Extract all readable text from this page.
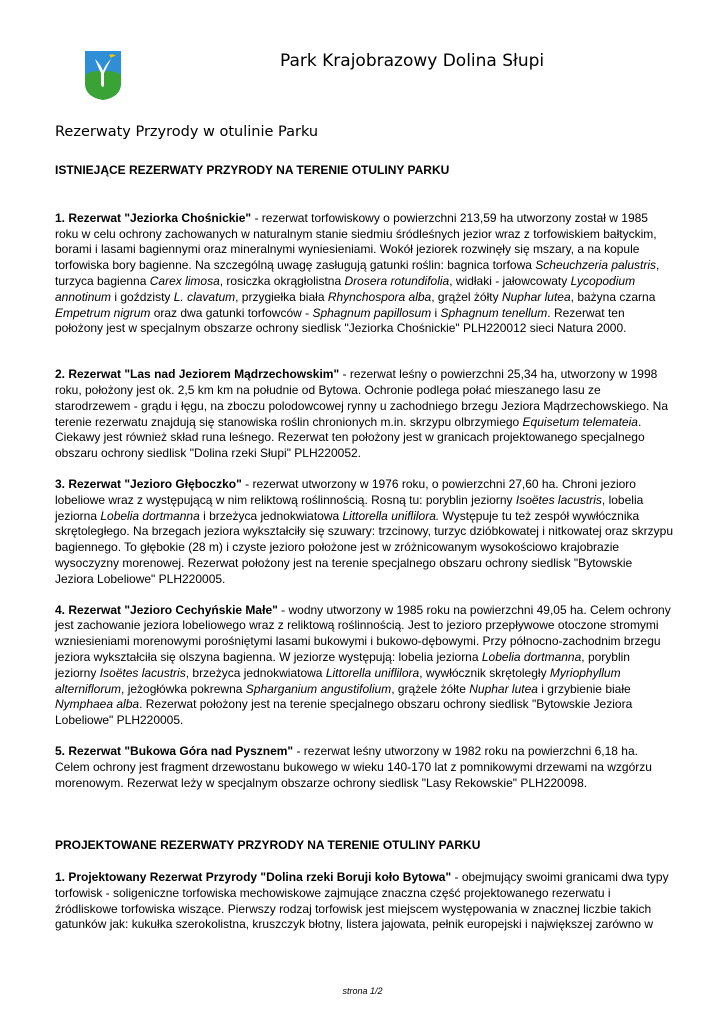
Park Krajobrazowy Dolina Słupi
Rezerwaty Przyrody w otulinie Parku

ISTNIEJĄCE REZERWATY PRZYRODY NA TERENIE OTULINY PARKU

1. Rezerwat "Jeziorka Chośnickie" - rezerwat torfowiskowy o powierzchni 213,59 ha utworzony został w 1985 roku w celu ochrony zachowanych w naturalnym stanie siedmiu śródleśnych jezior wraz z torfowiskiem bałtyckim, borami i lasami bagiennymi oraz mineralnymi wyniesieniami. Wokół jeziorek rozwinęły się mszary, a na kopule torfowiska bory bagienne. Na szczególną uwagę zasługują gatunki roślin: bagnica torfowa Scheuchzeria palustris, turzyca bagienna Carex limosa, rosiczka okrągłolistna Drosera rotundifolia, widłaki - jałowcowaty Lycopodium annotinum i goździsty L. clavatum, przygiełka biała Rhynchospora alba, grążel żółty Nuphar lutea, bażyna czarna Empetrum nigrum oraz dwa gatunki torfowców - Sphagnum papillosum i Sphagnum tenellum. Rezerwat ten położony jest w specjalnym obszarze ochrony siedlisk "Jeziorka Chośnickie" PLH220012 sieci Natura 2000.

2. Rezerwat "Las nad Jeziorem Mądrzechowskim" - rezerwat leśny o powierzchni 25,34 ha, utworzony w 1998 roku, położony jest ok. 2,5 km km na południe od Bytowa. Ochronie podlega połać mieszanego lasu ze starodrzewem - grądu i łęgu, na zboczu polodowcowej rynny u zachodniego brzegu Jeziora Mądrzechowskiego. Na terenie rezerwatu znajdują się stanowiska roślin chronionych m.in. skrzypu olbrzymiego Equisetum telemateia. Ciekawy jest również skład runa leśnego. Rezerwat ten położony jest w granicach projektowanego specjalnego obszaru ochrony siedlisk "Dolina rzeki Słupi" PLH220052.

3. Rezerwat "Jezioro Głęboczko" - rezerwat utworzony w 1976 roku, o powierzchni 27,60 ha. Chroni jezioro lobeliowe wraz z występującą w nim reliktową roślinnością. Rosną tu: poryblin jeziorny Isoëtes lacustris, lobelia jeziorna Lobelia dortmanna i brzeżyca jednokwiatowa Littorella uniflilora. Występuje tu też zespół wywłócznika skrętoległego. Na brzegach jeziora wykształciły się szuwary: trzcinowy, turzyc dzióbkowatej i nitkowatej oraz skrzypu bagiennego. To głębokie (28 m) i czyste jezioro położone jest w zróżnicowanym wysokościowo krajobrazie wysoczyzny morenowej. Rezerwat położony jest na terenie specjalnego obszaru ochrony siedlisk "Bytowskie Jeziora Lobeliowe" PLH220005.

4. Rezerwat "Jezioro Cechyńskie Małe" - wodny utworzony w 1985 roku na powierzchni 49,05 ha. Celem ochrony jest zachowanie jeziora lobeliowego wraz z reliktową roślinnością. Jest to jezioro przepływowe otoczone stromymi wzniesieniami morenowymi porośniętymi lasami bukowymi i bukowo-dębowymi. Przy północno-zachodnim brzegu jeziora wykształciła się olszyna bagienna. W jeziorze występują: lobelia jeziorna Lobelia dortmanna, poryblin jeziorny Isoëtes lacustris, brzeżyca jednokwiatowa Littorella uniflilora, wywłócznik skrętoległy Myriophyllum alterniflorum, jeżogłówka pokrewna Spharganium angustifolium, grążele żółte Nuphar lutea i grzybienie białe Nymphaea alba. Rezerwat położony jest na terenie specjalnego obszaru ochrony siedlisk "Bytowskie Jeziora Lobeliowe" PLH220005.

5. Rezerwat "Bukowa Góra nad Pysznem" - rezerwat leśny utworzony w 1982 roku na powierzchni 6,18 ha. Celem ochrony jest fragment drzewostanu bukowego w wieku 140-170 lat z pomnikowymi drzewami na wzgórzu morenowym. Rezerwat leży w specjalnym obszarze ochrony siedlisk "Lasy Rekowskie" PLH220098.

PROJEKTOWANE REZERWATY PRZYRODY NA TERENIE OTULINY PARKU

1. Projektowany Rezerwat Przyrody "Dolina rzeki Boruji koło Bytowa" - obejmujący swoimi granicami dwa typy torfowisk - soligeniczne torfowiska mechowiskowe zajmujące znaczna część projektowanego rezerwatu i źródliskowe torfowiska wiszące. Pierwszy rodzaj torfowisk jest miejscem występowania w znacznej liczbie takich gatunków jak: kukułka szerokolistna, kruszczyk błotny, listera jajowata, pełnik europejski i największej zarówno w

strona 1/2
